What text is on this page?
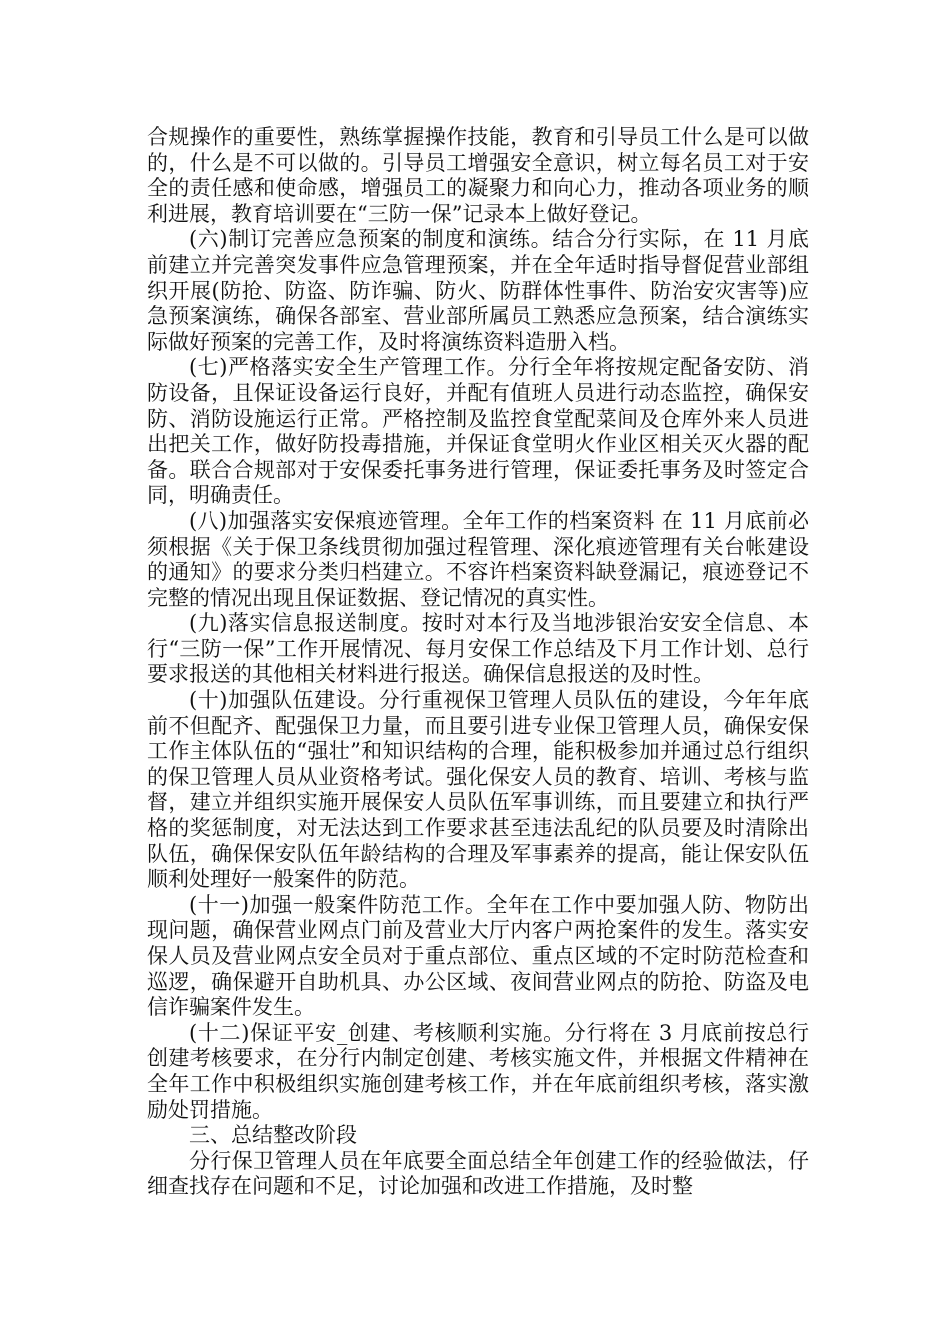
合规操作的重要性，熟练掌握操作技能，教育和引导员工什么是可以做的，什么是不可以做的。引导员工增强安全意识，树立每名员工对于安全的责任感和使命感，增强员工的凝聚力和向心力，推动各项业务的顺利进展，教育培训要在“三防一保”记录本上做好登记。

(六)制订完善应急预案的制度和演练。结合分行实际，在 11 月底前建立并完善突发事件应急管理预案，并在全年适时指导督促营业部组织开展(防抢、防盗、防诈骗、防火、防群体性事件、防治安灾害等)应急预案演练，确保各部室、营业部所属员工熟悉应急预案，结合演练实际做好预案的完善工作，及时将演练资料造册入档。

(七)严格落实安全生产管理工作。分行全年将按规定配备安防、消防设备，且保证设备运行良好，并配有值班人员进行动态监控，确保安防、消防设施运行正常。严格控制及监控食堂配菜间及仓库外来人员进出把关工作，做好防投毒措施，并保证食堂明火作业区相关灭火器的配备。联合合规部对于安保委托事务进行管理，保证委托事务及时签定合同，明确责任。

(八)加强落实安保痕迹管理。全年工作的档案资料 在 11 月底前必须根据《关于保卫条线贯彻加强过程管理、深化痕迹管理有关台帐建设的通知》的要求分类归档建立。不容许档案资料缺登漏记，痕迹登记不完整的情况出现且保证数据、登记情况的真实性。

(九)落实信息报送制度。按时对本行及当地涉银治安安全信息、本行“三防一保”工作开展情况、每月安保工作总结及下月工作计划、总行要求报送的其他相关材料进行报送。确保信息报送的及时性。

(十)加强队伍建设。分行重视保卫管理人员队伍的建设，今年年底前不但配齐、配强保卫力量，而且要引进专业保卫管理人员，确保安保工作主体队伍的“强壮”和知识结构的合理，能积极参加并通过总行组织的保卫管理人员从业资格考试。强化保安人员的教育、培训、考核与监督，建立并组织实施开展保安人员队伍军事训练，而且要建立和执行严格的奖惩制度，对无法达到工作要求甚至违法乱纪的队员要及时清除出队伍，确保保安队伍年龄结构的合理及军事素养的提高，能让保安队伍顺利处理好一般案件的防范。

(十一)加强一般案件防范工作。全年在工作中要加强人防、物防出 现问题，确保营业网点门前及营业大厅内客户两抢案件的发生。落实安保人员及营业网点安全员对于重点部位、重点区域的不定时防范检查和巡逻，确保避开自助机具、办公区域、夜间营业网点的防抢、防盗及电信诈骗案件发生。

(十二)保证平安_创建、考核顺利实施。分行将在 3 月底前按总行创建考核要求，在分行内制定创建、考核实施文件，并根据文件精神在全年工作中积极组织实施创建考核工作，并在年底前组织考核，落实激励处罚措施。

三、总结整改阶段

分行保卫管理人员在年底要全面总结全年创建工作的经验做法，仔细查找存在问题和不足，讨论加强和改进工作措施，及时整
